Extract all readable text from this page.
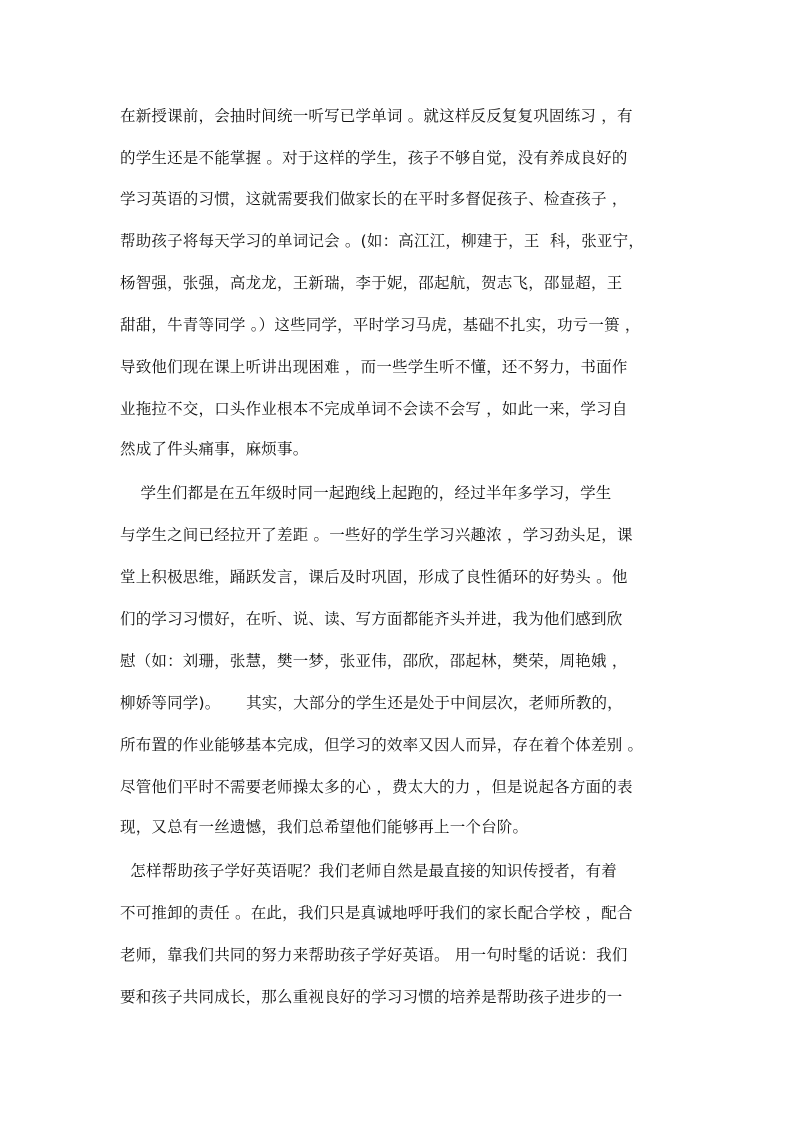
在新授课前，会抽时间统一听写已学单词 。就这样反反复复巩固练习 ，有
的学生还是不能掌握 。对于这样的学生，孩子不够自觉，没有养成良好的
学习英语的习惯，这就需要我们做家长的在平时多督促孩子、检查孩子 ，
帮助孩子将每天学习的单词记会 。(如：高江江，柳建于，王  科，张亚宁，
杨智强，张强，高龙龙，王新瑞，李于妮，邵起航，贺志飞，邵显超，王
甜甜，牛青等同学 。）这些同学，平时学习马虎，基础不扎实，功亏一篑 ，
导致他们现在课上听讲出现困难 ，而一些学生听不懂，还不努力，书面作
业拖拉不交，口头作业根本不完成单词不会读不会写 ，如此一来，学习自
然成了件头痛事，麻烦事。
学生们都是在五年级时同一起跑线上起跑的，经过半年多学习，学生
与学生之间已经拉开了差距 。一些好的学生学习兴趣浓 ，学习劲头足，课
堂上积极思维，踊跃发言，课后及时巩固，形成了良性循环的好势头 。他
们的学习习惯好，在听、说、读、写方面都能齐头并进，我为他们感到欣
慰（如：刘珊，张慧，樊一梦，张亚伟，邵欣，邵起林，樊荣，周艳娥 ，
柳娇等同学)。     其实，大部分的学生还是处于中间层次，老师所教的，
所布置的作业能够基本完成，但学习的效率又因人而异，存在着个体差别 。
尽管他们平时不需要老师操太多的心 ，费太大的力 ，但是说起各方面的表
现，又总有一丝遗憾，我们总希望他们能够再上一个台阶。
怎样帮助孩子学好英语呢？我们老师自然是最直接的知识传授者，有着
不可推卸的责任 。在此，我们只是真诚地呼吁我们的家长配合学校 ，配合
老师，靠我们共同的努力来帮助孩子学好英语。 用一句时髦的话说：我们
要和孩子共同成长，那么重视良好的学习习惯的培养是帮助孩子进步的一
